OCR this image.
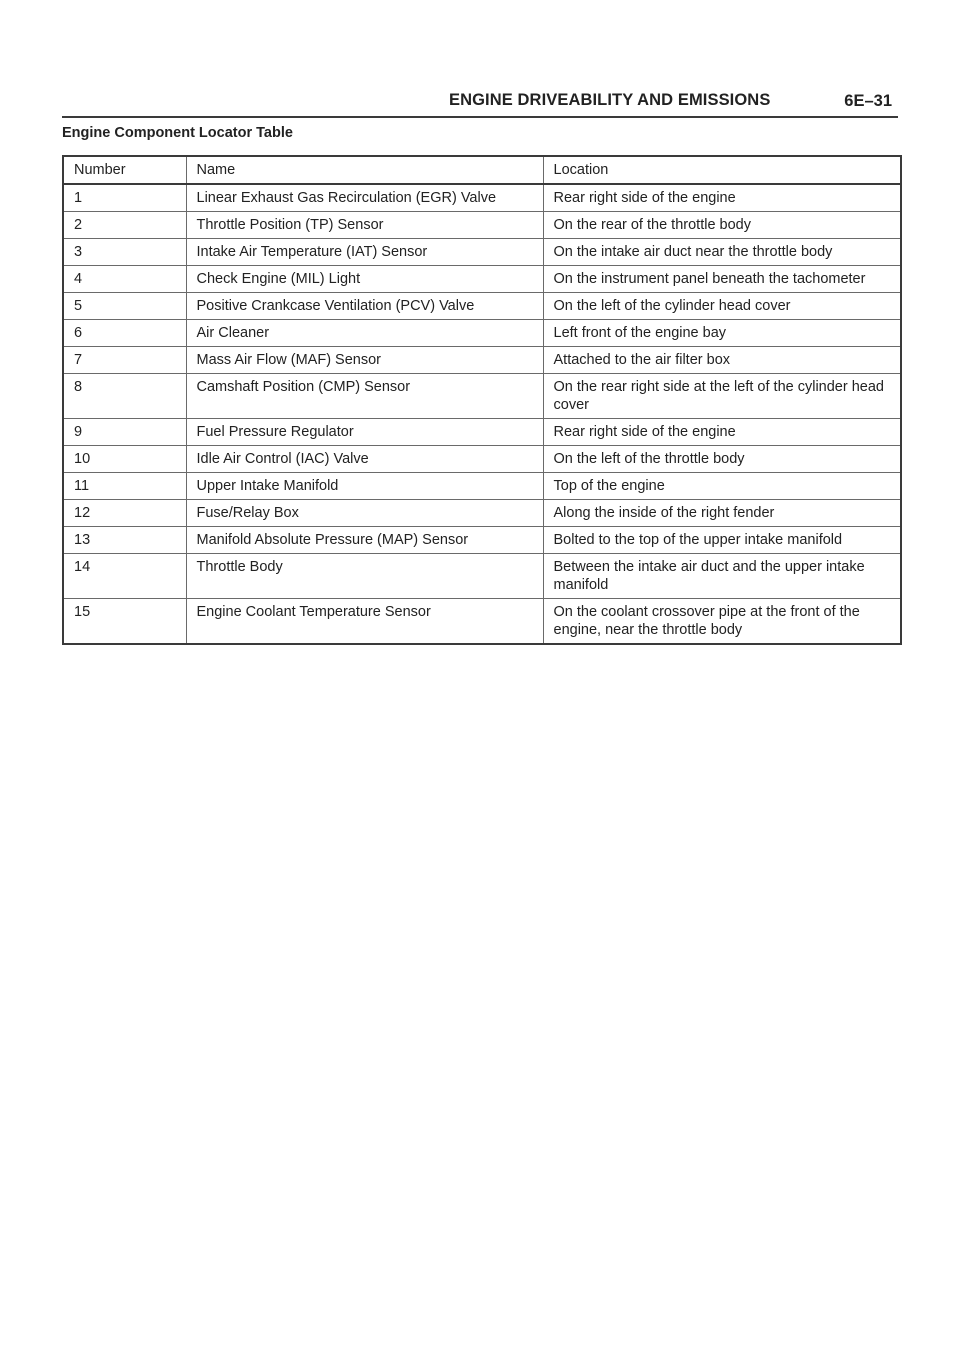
ENGINE DRIVEABILITY AND EMISSIONS	6E–31
Engine Component Locator Table
Number	Name	Location
1	Linear Exhaust Gas Recirculation (EGR) Valve	Rear right side of the engine
2	Throttle Position (TP) Sensor	On the rear of the throttle body
3	Intake Air Temperature (IAT) Sensor	On the intake air duct near the throttle body
4	Check Engine (MIL) Light	On the instrument panel beneath the tachometer
5	Positive Crankcase Ventilation (PCV) Valve	On the left of the cylinder head cover
6	Air Cleaner	Left front of the engine bay
7	Mass Air Flow (MAF) Sensor	Attached to the air filter box
8	Camshaft Position (CMP) Sensor	On the rear right side at the left of the cylinder head cover
9	Fuel Pressure Regulator	Rear right side of the engine
10	Idle Air Control (IAC) Valve	On the left of the throttle body
11	Upper Intake Manifold	Top of the engine
12	Fuse/Relay Box	Along the inside of the right fender
13	Manifold Absolute Pressure (MAP) Sensor	Bolted to the top of the upper intake manifold
14	Throttle Body	Between the intake air duct and the upper intake manifold
15	Engine Coolant Temperature Sensor	On the coolant crossover pipe at the front of the engine, near the throttle body
